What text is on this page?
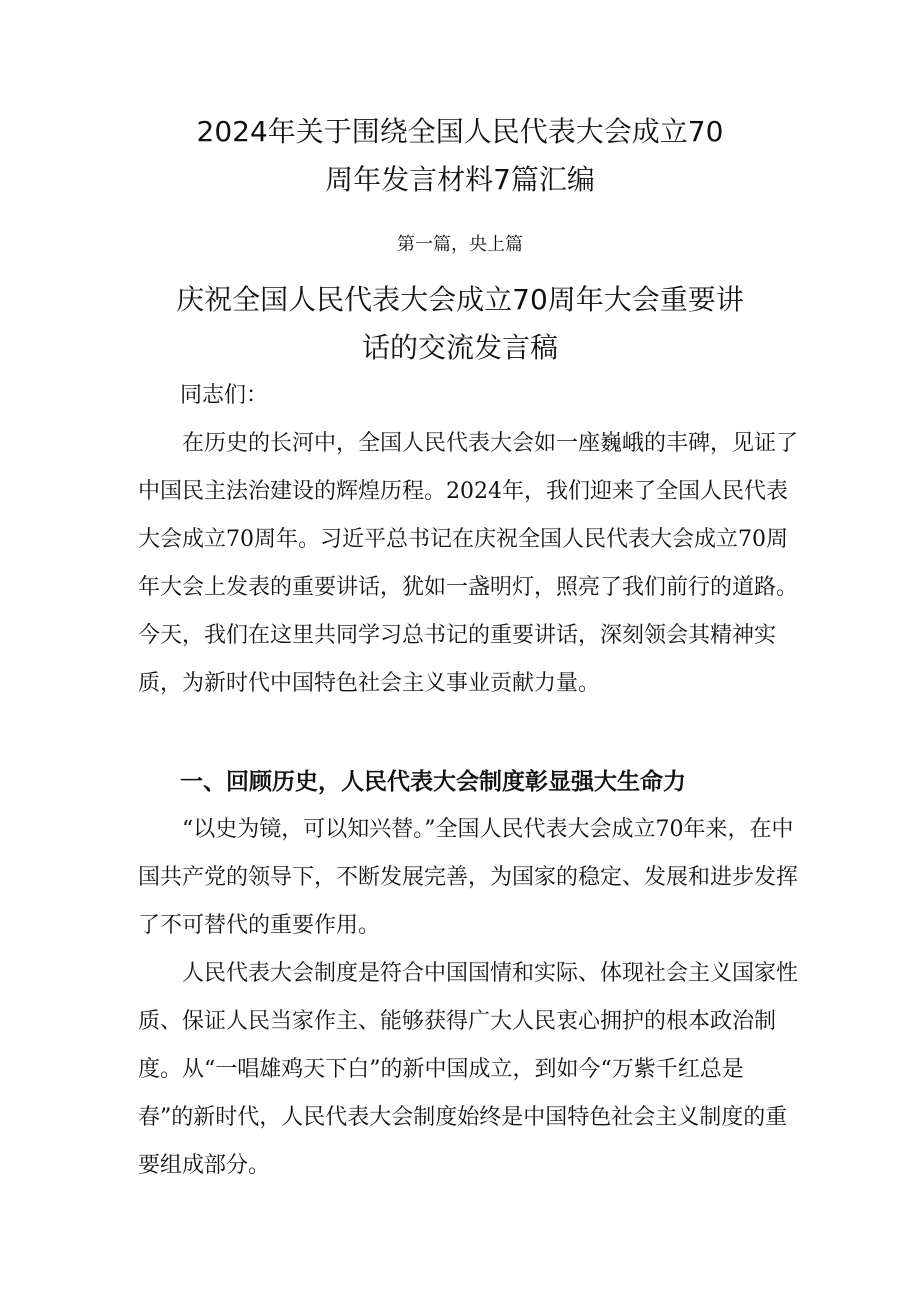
2024年关于围绕全国人民代表大会成立70
周年发言材料7篇汇编
第一篇，央上篇
庆祝全国人民代表大会成立70周年大会重要讲
话的交流发言稿

同志们：

在历史的长河中，全国人民代表大会如一座巍峨的丰碑，见证了中国民主法治建设的辉煌历程。2024年，我们迎来了全国人民代表大会成立70周年。习近平总书记在庆祝全国人民代表大会成立70周年大会上发表的重要讲话，犹如一盏明灯，照亮了我们前行的道路。今天，我们在这里共同学习总书记的重要讲话，深刻领会其精神实质，为新时代中国特色社会主义事业贡献力量。

一、回顾历史，人民代表大会制度彰显强大生命力

“以史为镜，可以知兴替。”全国人民代表大会成立70年来，在中国共产党的领导下，不断发展完善，为国家的稳定、发展和进步发挥了不可替代的重要作用。

人民代表大会制度是符合中国国情和实际、体现社会主义国家性质、保证人民当家作主、能够获得广大人民衷心拥护的根本政治制度。从“一唱雄鸡天下白”的新中国成立，到如今“万紫千红总是春”的新时代，人民代表大会制度始终是中国特色社会主义制度的重要组成部分。
